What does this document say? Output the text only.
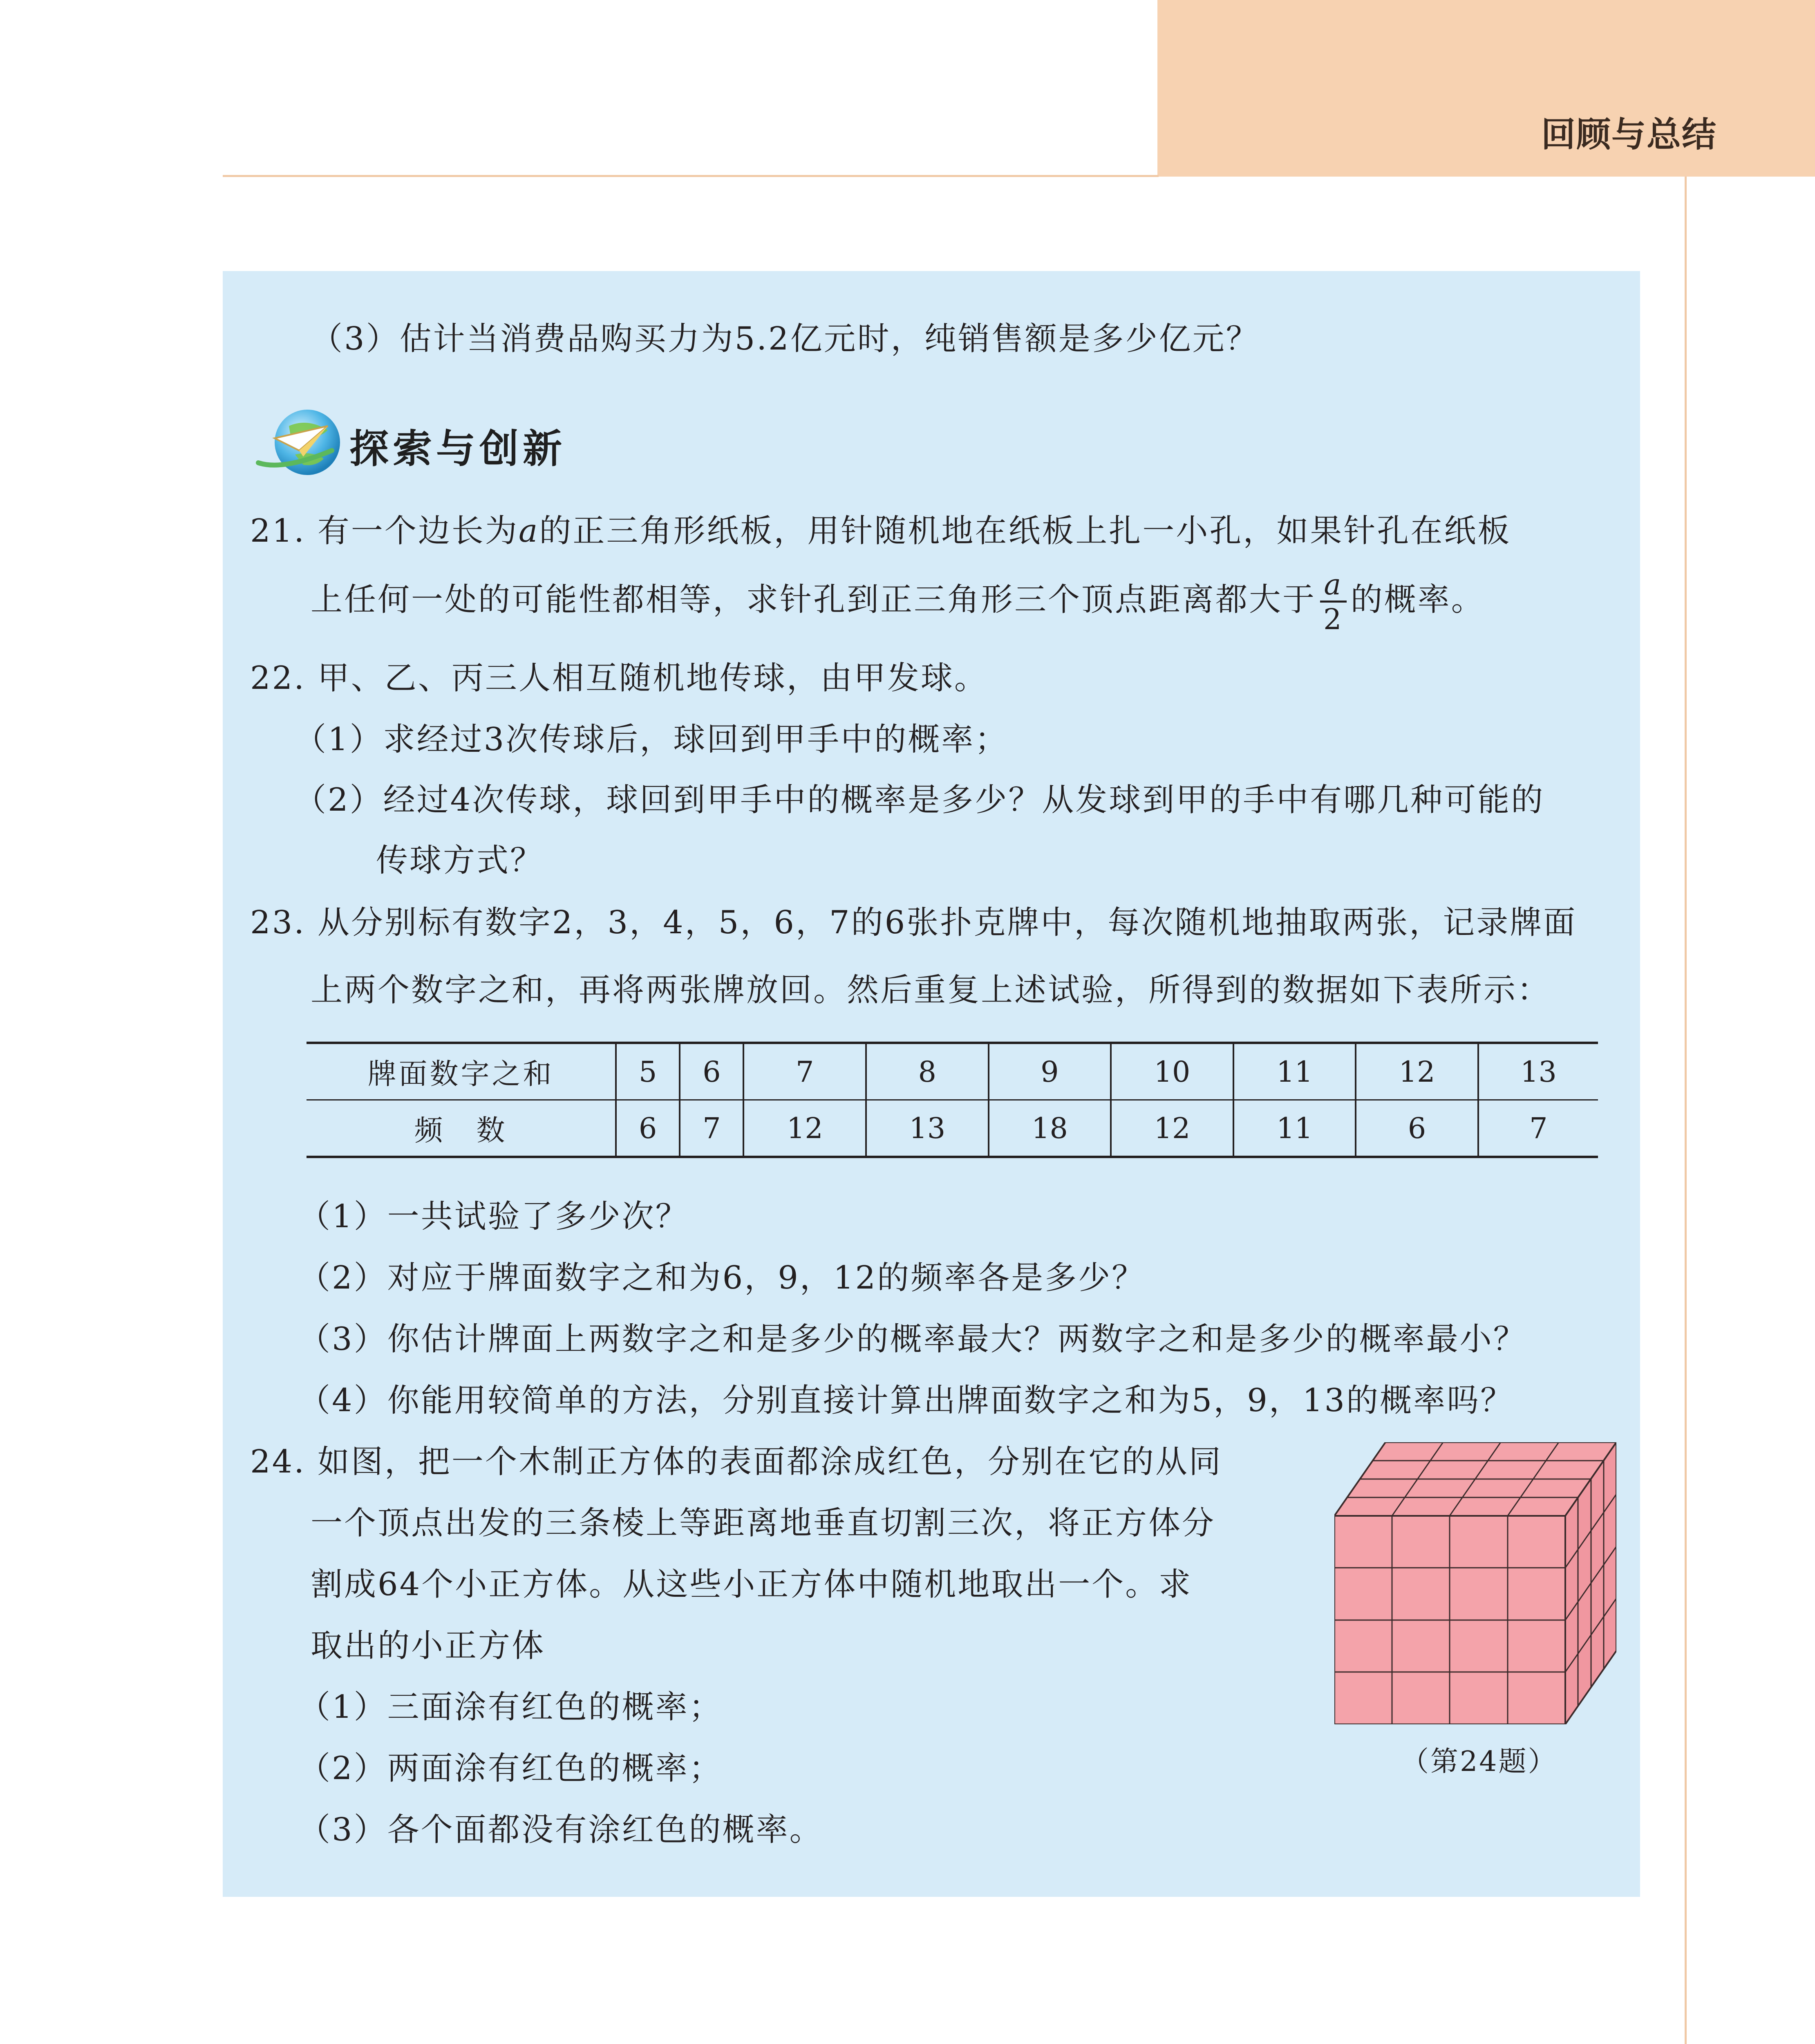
回顾与总结
（3）估计当消费品购买力为5.2亿元时，纯销售额是多少亿元？
探索与创新
21. 有一个边长为a的正三角形纸板，用针随机地在纸板上扎一小孔，如果针孔在纸板
上任何一处的可能性都相等，求针孔到正三角形三个顶点距离都大于 $\frac{a}{2}$ 的概率。
22. 甲、乙、丙三人相互随机地传球，由甲发球。
（1）求经过3次传球后，球回到甲手中的概率；
（2）经过4次传球，球回到甲手中的概率是多少？从发球到甲的手中有哪几种可能的
传球方式？
23. 从分别标有数字2，3，4，5，6，7的6张扑克牌中，每次随机地抽取两张，记录牌面
上两个数字之和，再将两张牌放回。然后重复上述试验，所得到的数据如下表所示：
牌面数字之和	5	6	7	8	9	10	11	12	13
频　数	6	7	12	13	18	12	11	6	7
（1）一共试验了多少次？
（2）对应于牌面数字之和为6，9，12的频率各是多少？
（3）你估计牌面上两数字之和是多少的概率最大？两数字之和是多少的概率最小？
（4）你能用较简单的方法，分别直接计算出牌面数字之和为5，9，13的概率吗？
24. 如图，把一个木制正方体的表面都涂成红色，分别在它的从同
一个顶点出发的三条棱上等距离地垂直切割三次，将正方体分
割成64个小正方体。从这些小正方体中随机地取出一个。求
取出的小正方体
（1）三面涂有红色的概率；
（2）两面涂有红色的概率；
（3）各个面都没有涂红色的概率。
（第24题）
